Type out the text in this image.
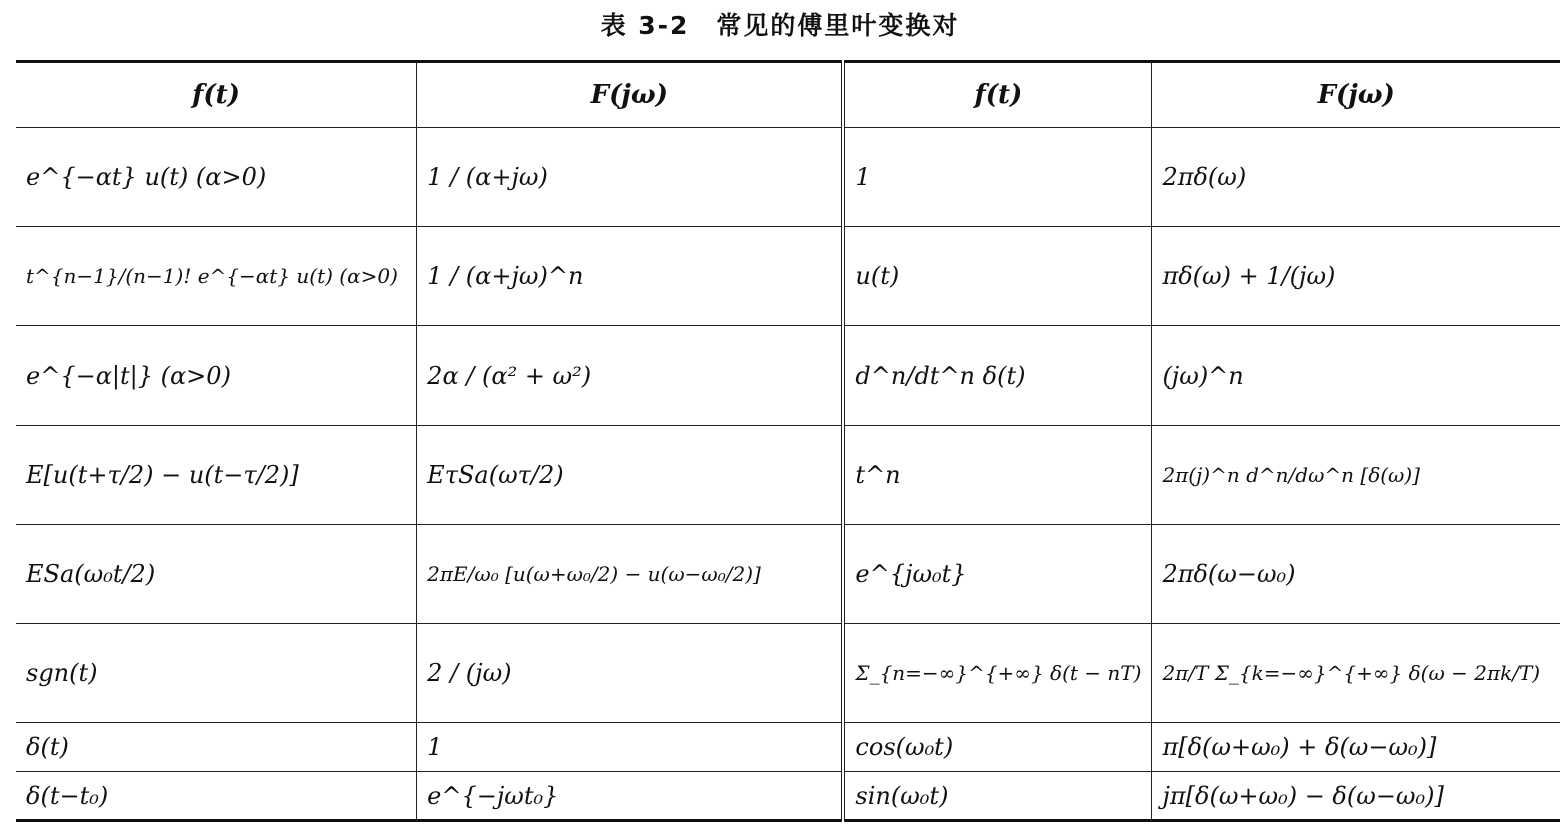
表 3-2　常见的傅里叶变换对
f(t)	F(jω)	f(t)	F(jω)
e^{−αt} u(t) (α>0)	1 / (α+jω)	1	2πδ(ω)
t^{n−1}/(n−1)! e^{−αt} u(t) (α>0)	1 / (α+jω)^n	u(t)	πδ(ω) + 1/(jω)
e^{−α|t|} (α>0)	2α / (α² + ω²)	d^n/dt^n δ(t)	(jω)^n
E[u(t+τ/2) − u(t−τ/2)]	EτSa(ωτ/2)	t^n	2π(j)^n d^n/dω^n [δ(ω)]
ESa(ω₀t/2)	2πE/ω₀ [u(ω+ω₀/2) − u(ω−ω₀/2)]	e^{jω₀t}	2πδ(ω−ω₀)
sgn(t)	2 / (jω)	Σ_{n=−∞}^{+∞} δ(t − nT)	2π/T Σ_{k=−∞}^{+∞} δ(ω − 2πk/T)
δ(t)	1	cos(ω₀t)	π[δ(ω+ω₀) + δ(ω−ω₀)]
δ(t−t₀)	e^{−jωt₀}	sin(ω₀t)	jπ[δ(ω+ω₀) − δ(ω−ω₀)]
